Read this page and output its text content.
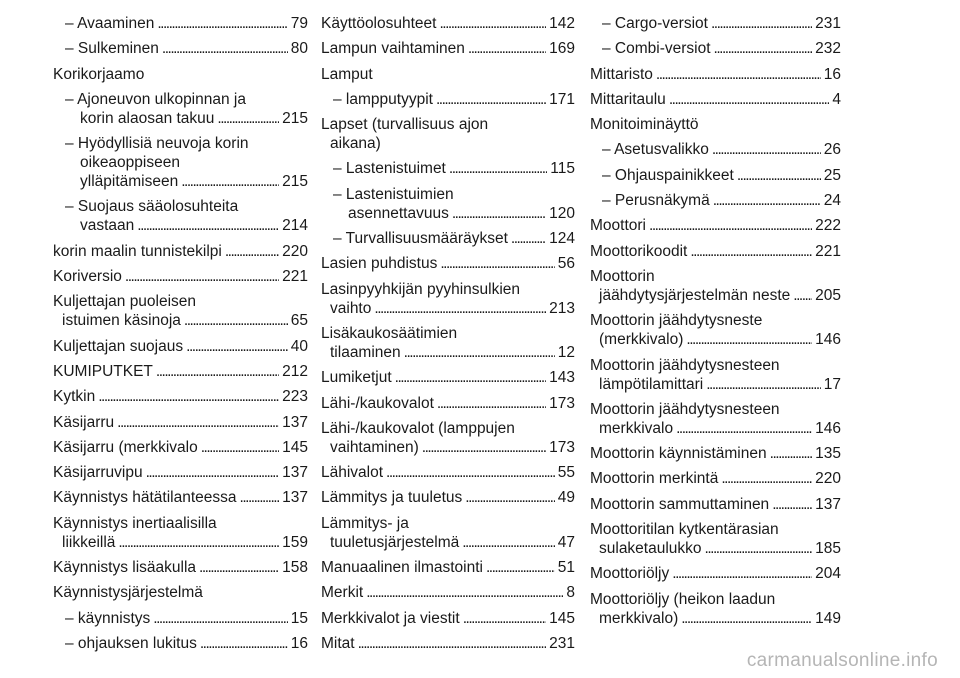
– Avaaminen . . .	79
– Sulkeminen . . .	80
Korikorjaamo
– Ajoneuvon ulkopinnan ja
korin alaosan takuu . . .	215
– Hyödyllisiä neuvoja korin
oikeaoppiseen
ylläpitämiseen . . .	215
– Suojaus sääolosuhteita
vastaan . . .	214
korin maalin tunnistekilpi . . .	220
Koriversio . . .	221
Kuljettajan puoleisen
istuimen käsinoja . . .	65
Kuljettajan suojaus . . .	40
KUMIPUTKET . . .	212
Kytkin . . .	223
Käsijarru . . .	137
Käsijarru (merkkivalo . . .	145
Käsijarruvipu . . .	137
Käynnistys hätätilanteessa . . .	137
Käynnistys inertiaalisilla
liikkeillä . . .	159
Käynnistys lisäakulla . . .	158
Käynnistysjärjestelmä
– käynnistys . . .	15
– ohjauksen lukitus . . .	16
Käyttöolosuhteet . . .	142
Lampun vaihtaminen . . .	169
Lamput
– lampputyypit . . .	171
Lapset (turvallisuus ajon
aikana)
– Lastenistuimet . . .	115
– Lastenistuimien
asennettavuus . . .	120
– Turvallisuusmääräykset . . .	124
Lasien puhdistus . . .	56
Lasinpyyhkijän pyyhinsulkien
vaihto . . .	213
Lisäkaukosäätimien
tilaaminen . . .	12
Lumiketjut . . .	143
Lähi-/kaukovalot . . .	173
Lähi-/kaukovalot (lamppujen
vaihtaminen) . . .	173
Lähivalot . . .	55
Lämmitys ja tuuletus . . .	49
Lämmitys- ja
tuuletusjärjestelmä . . .	47
Manuaalinen ilmastointi . . .	51
Merkit . . .	8
Merkkivalot ja viestit . . .	145
Mitat . . .	231
– Cargo-versiot . . .	231
– Combi-versiot . . .	232
Mittaristo . . .	16
Mittaritaulu . . .	4
Monitoiminäyttö
– Asetusvalikko . . .	26
– Ohjauspainikkeet . . .	25
– Perusnäkymä . . .	24
Moottori . . .	222
Moottorikoodit . . .	221
Moottorin
jäähdytysjärjestelmän neste . . . 205
Moottorin jäähdytysneste
(merkkivalo) . . .	146
Moottorin jäähdytysnesteen
lämpötilamittari . . .	17
Moottorin jäähdytysnesteen
merkkivalo . . .	146
Moottorin käynnistäminen . . .	135
Moottorin merkintä . . .	220
Moottorin sammuttaminen . . .	137
Moottoritilan kytkentärasian
sulaketaulukko . . .	185
Moottoriöljy . . .	204
Moottoriöljy (heikon laadun
merkkivalo) . . .	149
carmanualsonline.info
